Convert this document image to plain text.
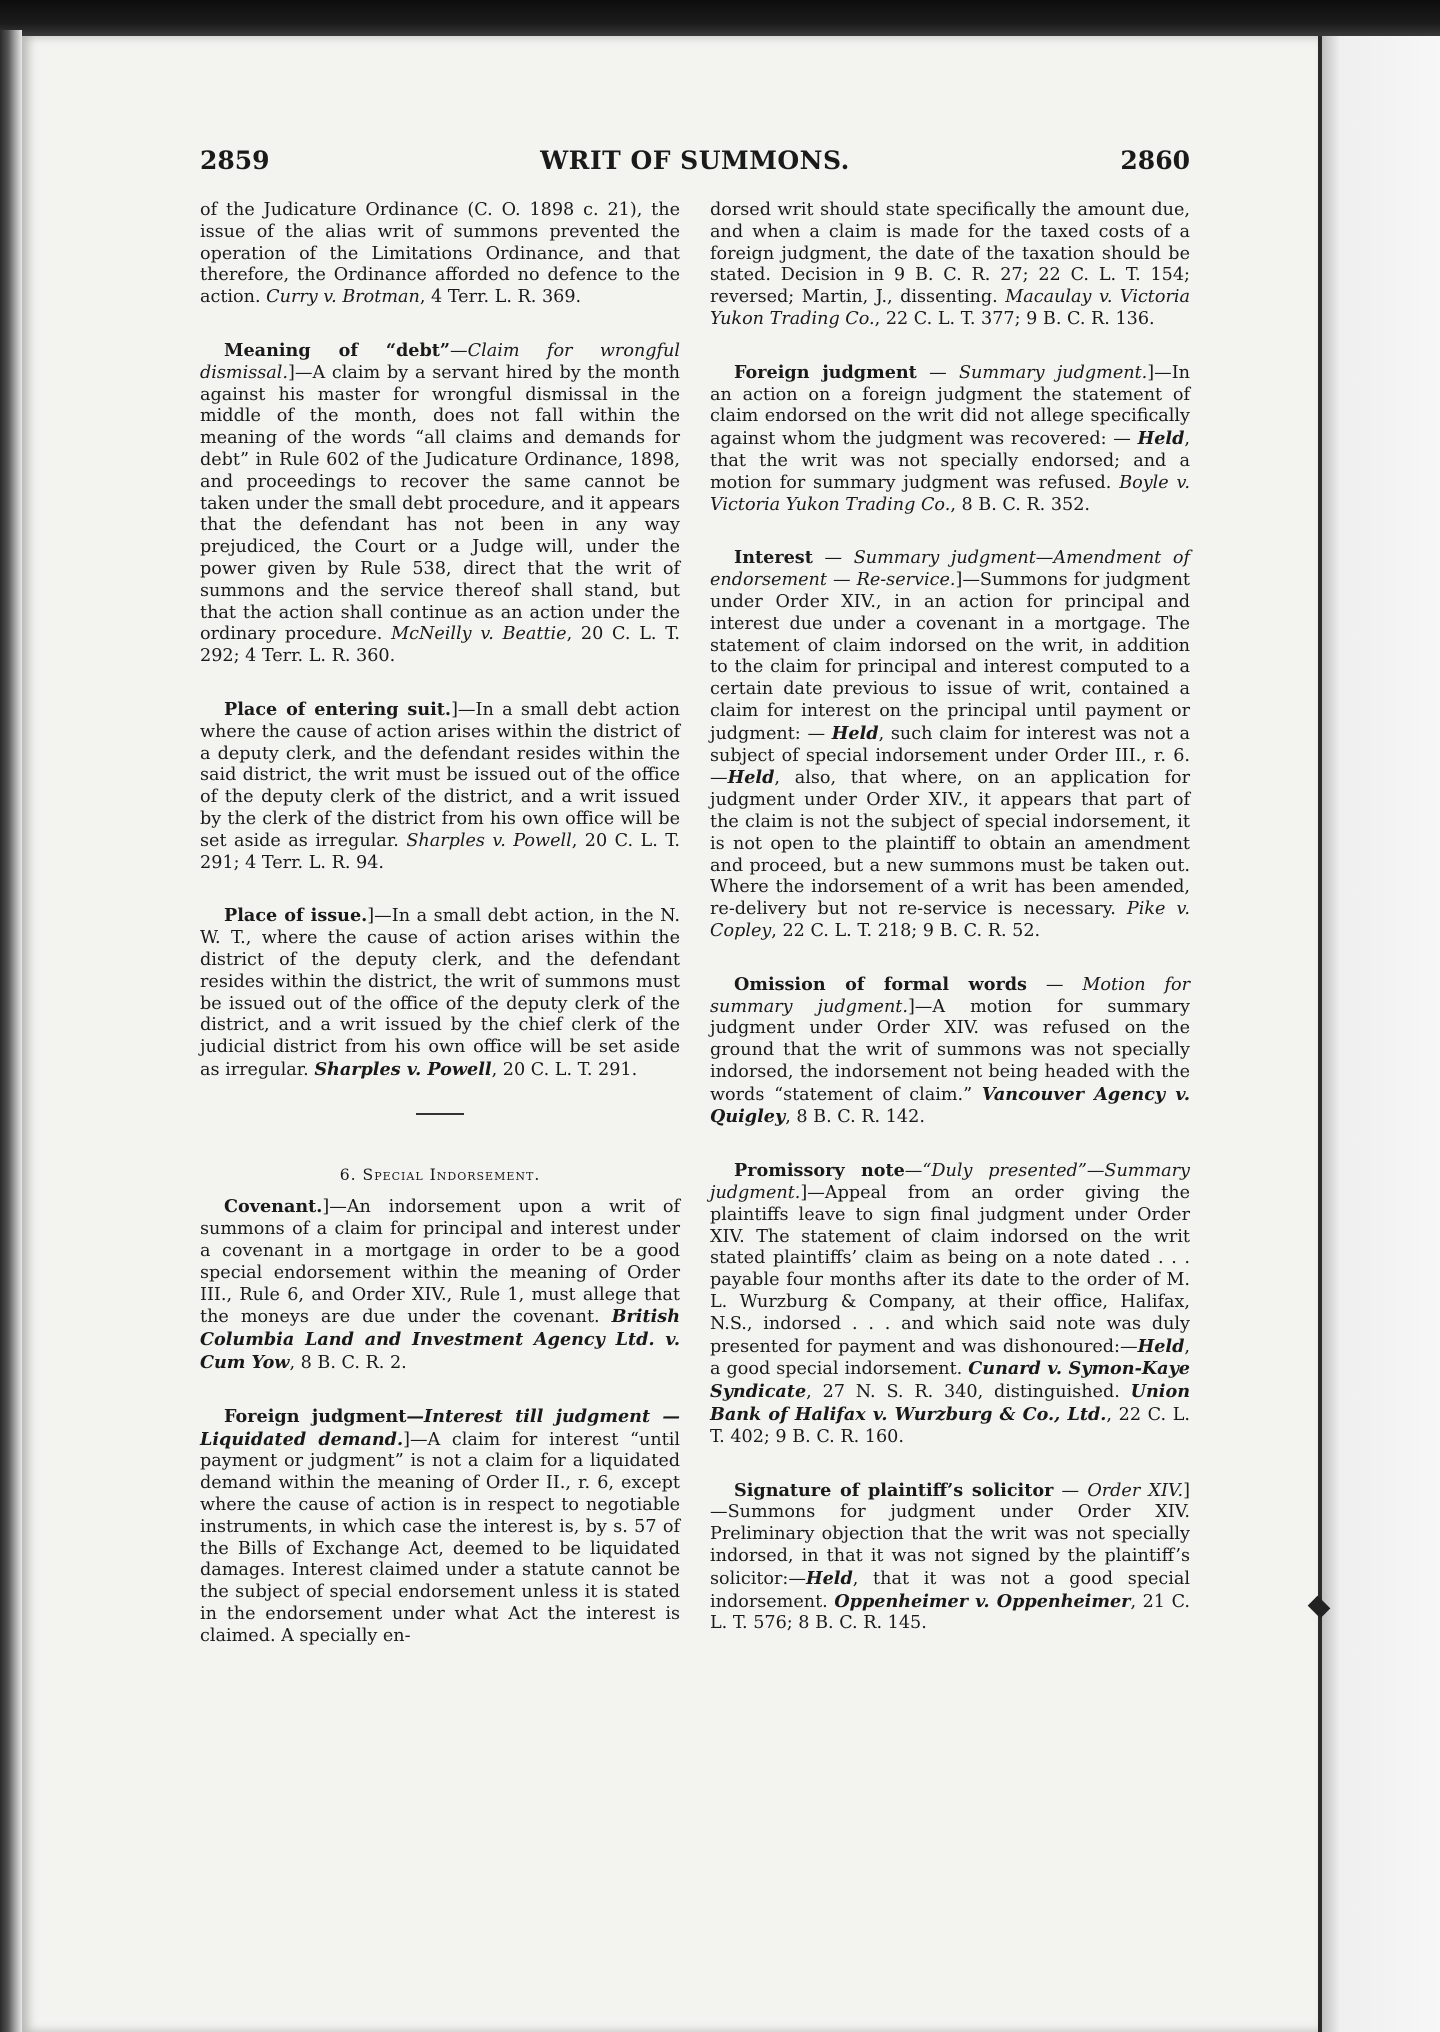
2859	WRIT OF SUMMONS.	2860

of the Judicature Ordinance (C. O. 1898 c. 21), the issue of the alias writ of summons prevented the operation of the Limitations Ordinance, and that therefore, the Ordinance afforded no defence to the action. Curry v. Brotman, 4 Terr. L. R. 369.

Meaning of “debt”—Claim for wrongful dismissal.]—A claim by a servant hired by the month against his master for wrongful dismissal in the middle of the month, does not fall within the meaning of the words “all claims and demands for debt” in Rule 602 of the Judicature Ordinance, 1898, and proceedings to recover the same cannot be taken under the small debt procedure, and it appears that the defendant has not been in any way prejudiced, the Court or a Judge will, under the power given by Rule 538, direct that the writ of summons and the service thereof shall stand, but that the action shall continue as an action under the ordinary procedure. McNeilly v. Beattie, 20 C. L. T. 292; 4 Terr. L. R. 360.

Place of entering suit.]—In a small debt action where the cause of action arises within the district of a deputy clerk, and the defendant resides within the said district, the writ must be issued out of the office of the deputy clerk of the district, and a writ issued by the clerk of the district from his own office will be set aside as irregular. Sharples v. Powell, 20 C. L. T. 291; 4 Terr. L. R. 94.

Place of issue.]—In a small debt action, in the N. W. T., where the cause of action arises within the district of the deputy clerk, and the defendant resides within the district, the writ of summons must be issued out of the office of the deputy clerk of the district, and a writ issued by the chief clerk of the judicial district from his own office will be set aside as irregular. Sharples v. Powell, 20 C. L. T. 291.

6. Special Indorsement.

Covenant.]—An indorsement upon a writ of summons of a claim for principal and interest under a covenant in a mortgage in order to be a good special endorsement within the meaning of Order III., Rule 6, and Order XIV., Rule 1, must allege that the moneys are due under the covenant. British Columbia Land and Investment Agency Ltd. v. Cum Yow, 8 B. C. R. 2.

Foreign judgment—Interest till judgment — Liquidated demand.]—A claim for interest “until payment or judgment” is not a claim for a liquidated demand within the meaning of Order II., r. 6, except where the cause of action is in respect to negotiable instruments, in which case the interest is, by s. 57 of the Bills of Exchange Act, deemed to be liquidated damages. Interest claimed under a statute cannot be the subject of special endorsement unless it is stated in the endorsement under what Act the interest is claimed. A specially en-

dorsed writ should state specifically the amount due, and when a claim is made for the taxed costs of a foreign judgment, the date of the taxation should be stated. Decision in 9 B. C. R. 27; 22 C. L. T. 154; reversed; Martin, J., dissenting. Macaulay v. Victoria Yukon Trading Co., 22 C. L. T. 377; 9 B. C. R. 136.

Foreign judgment — Summary judgment.]—In an action on a foreign judgment the statement of claim endorsed on the writ did not allege specifically against whom the judgment was recovered: — Held, that the writ was not specially endorsed; and a motion for summary judgment was refused. Boyle v. Victoria Yukon Trading Co., 8 B. C. R. 352.

Interest — Summary judgment—Amendment of endorsement — Re-service.]—Summons for judgment under Order XIV., in an action for principal and interest due under a covenant in a mortgage. The statement of claim indorsed on the writ, in addition to the claim for principal and interest computed to a certain date previous to issue of writ, contained a claim for interest on the principal until payment or judgment: — Held, such claim for interest was not a subject of special indorsement under Order III., r. 6.—Held, also, that where, on an application for judgment under Order XIV., it appears that part of the claim is not the subject of special indorsement, it is not open to the plaintiff to obtain an amendment and proceed, but a new summons must be taken out. Where the indorsement of a writ has been amended, re-delivery but not re-service is necessary. Pike v. Copley, 22 C. L. T. 218; 9 B. C. R. 52.

Omission of formal words — Motion for summary judgment.]—A motion for summary judgment under Order XIV. was refused on the ground that the writ of summons was not specially indorsed, the indorsement not being headed with the words “statement of claim.” Vancouver Agency v. Quigley, 8 B. C. R. 142.

Promissory note—“Duly presented”—Summary judgment.]—Appeal from an order giving the plaintiffs leave to sign final judgment under Order XIV. The statement of claim indorsed on the writ stated plaintiffs’ claim as being on a note dated . . . payable four months after its date to the order of M. L. Wurzburg & Company, at their office, Halifax, N.S., indorsed . . . and which said note was duly presented for payment and was dishonoured:—Held, a good special indorsement. Cunard v. Symon-Kaye Syndicate, 27 N. S. R. 340, distinguished. Union Bank of Halifax v. Wurzburg & Co., Ltd., 22 C. L. T. 402; 9 B. C. R. 160.

Signature of plaintiff’s solicitor — Order XIV.]—Summons for judgment under Order XIV. Preliminary objection that the writ was not specially indorsed, in that it was not signed by the plaintiff’s solicitor:—Held, that it was not a good special indorsement. Oppenheimer v. Oppenheimer, 21 C. L. T. 576; 8 B. C. R. 145.
